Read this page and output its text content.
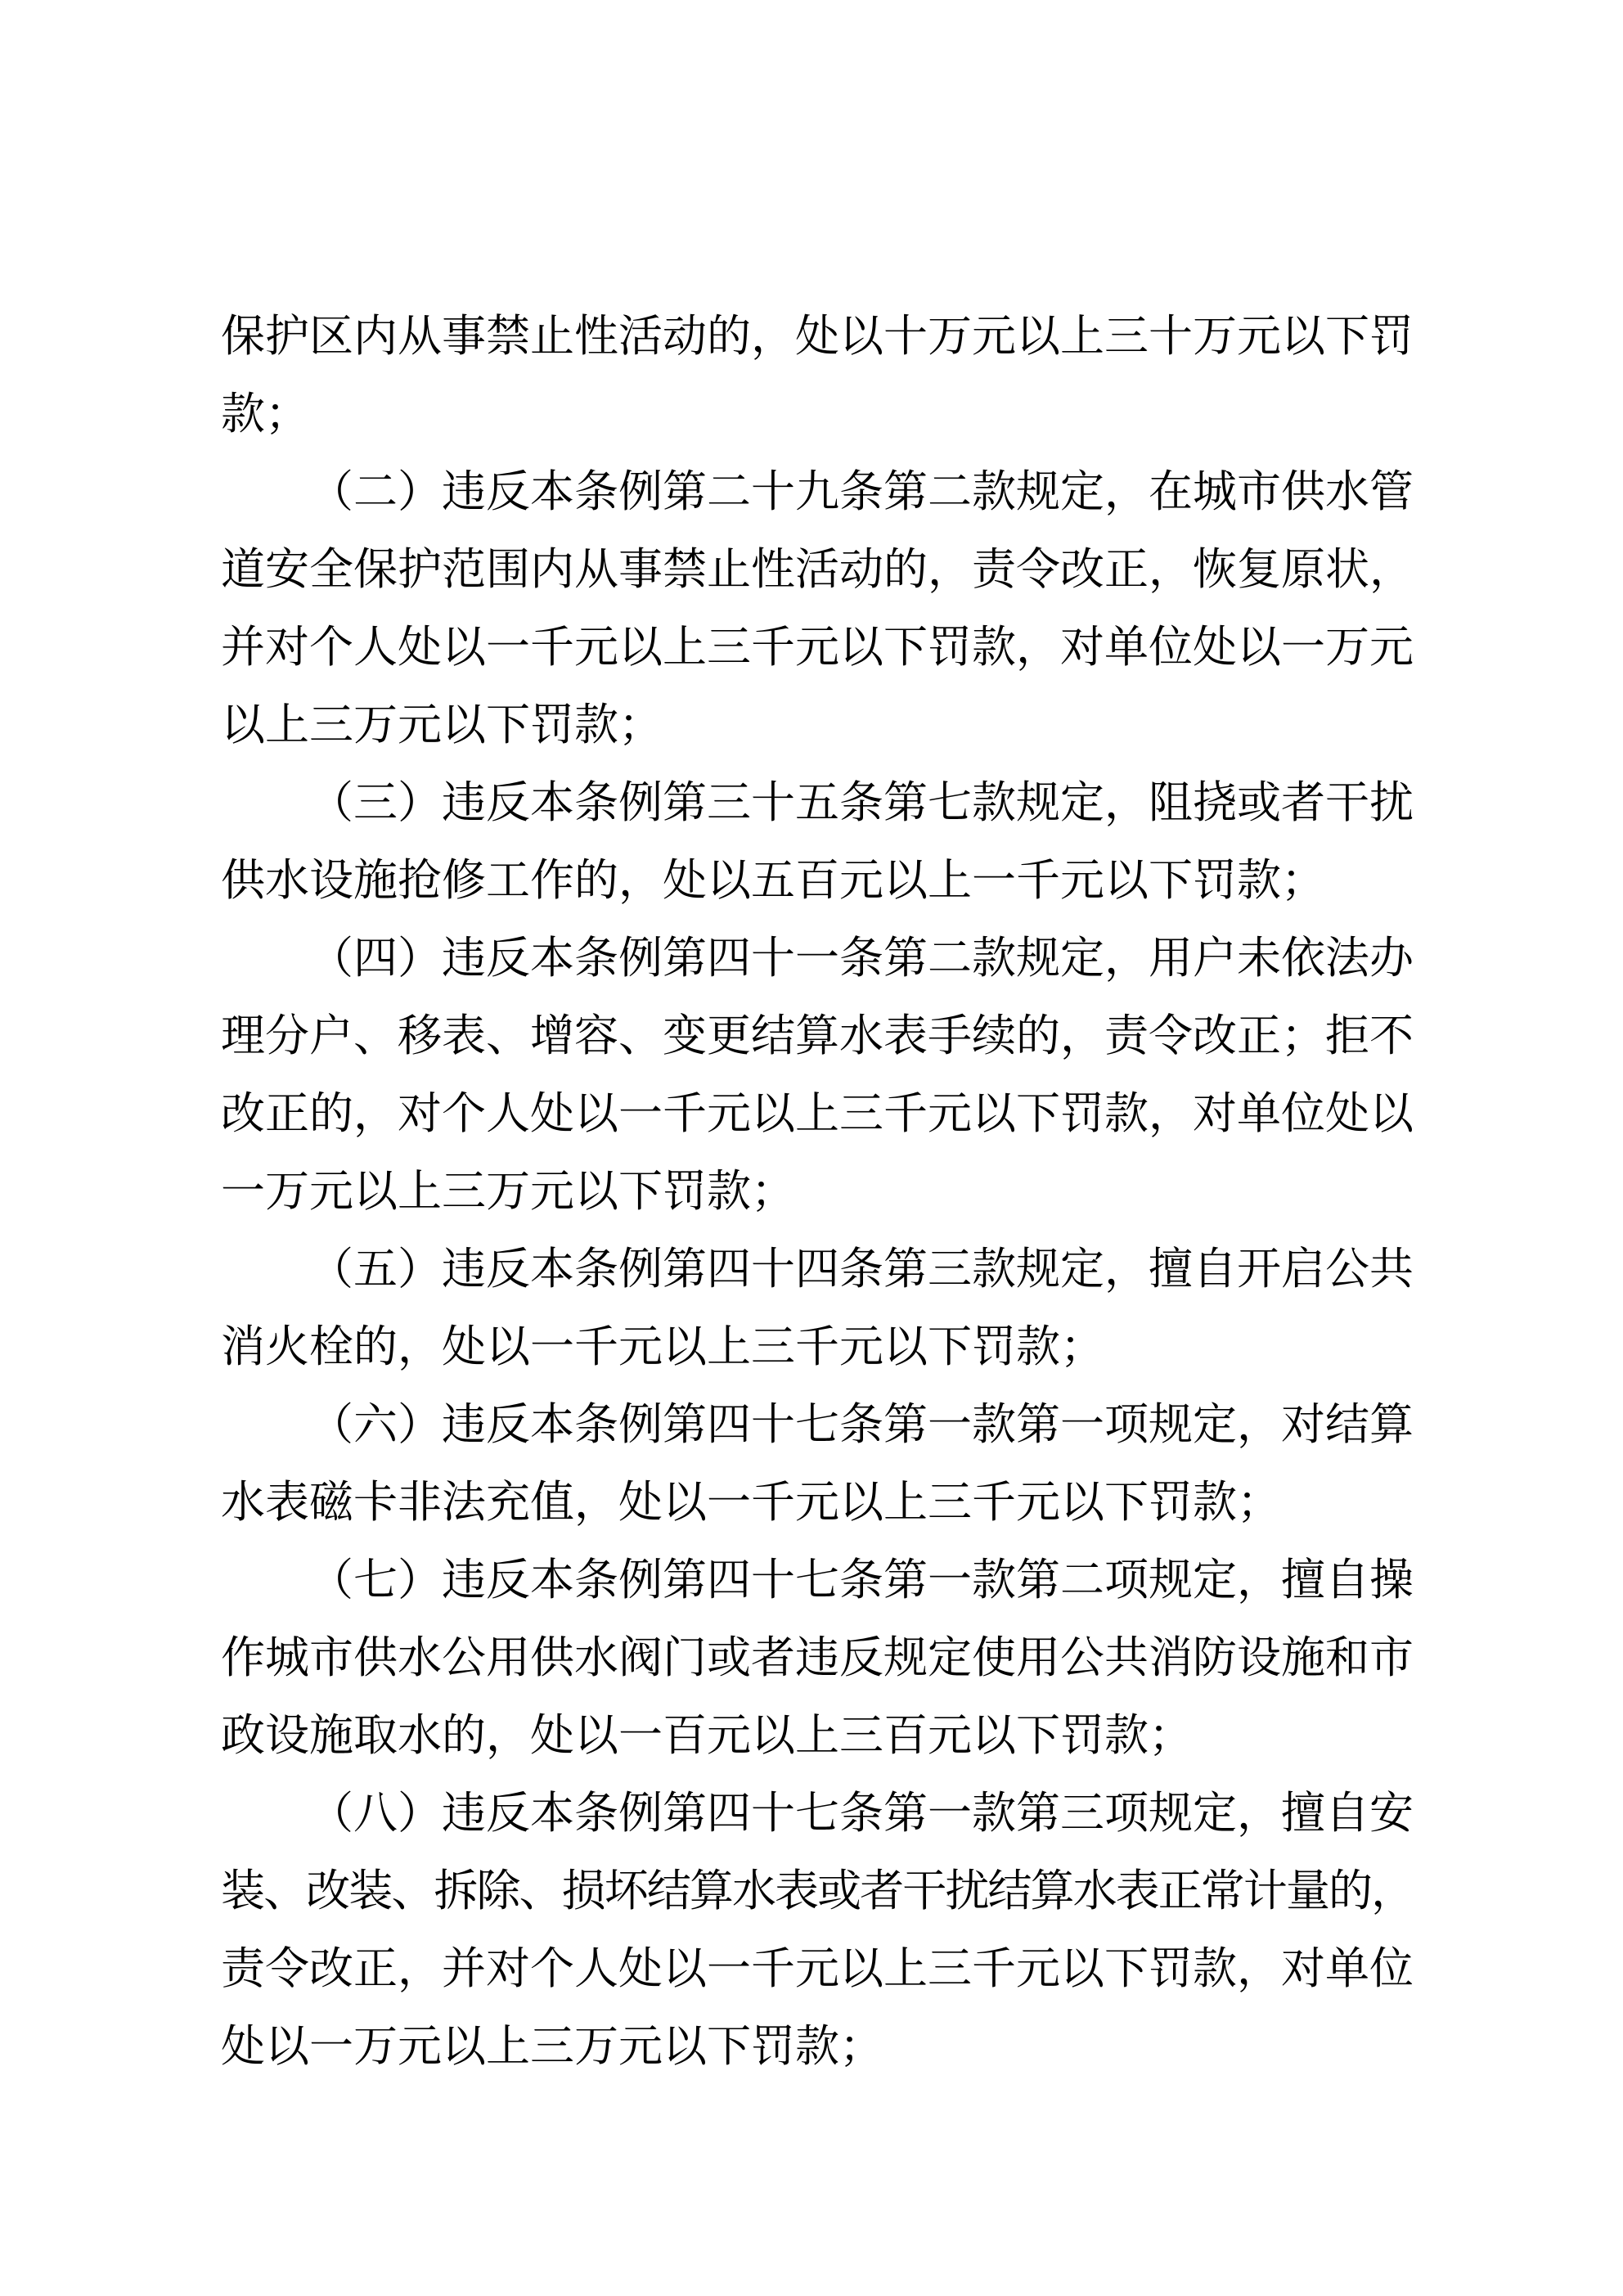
保 护 区 内 从 事 禁 止 性 活 动 的 ， 处 以 十 万 元 以 上 三 十 万 元 以 下 罚
款 ；
（ 二 ） 违 反 本 条 例 第 二 十 九 条 第 二 款 规 定 ， 在 城 市 供 水 管
道 安 全 保 护 范 围 内 从 事 禁 止 性 活 动 的 ， 责 令 改 正 ， 恢 复 原 状 ，
并 对 个 人 处 以 一 千 元 以 上 三 千 元 以 下 罚 款 ， 对 单 位 处 以 一 万 元
以 上 三 万 元 以 下 罚 款 ；
（ 三 ） 违 反 本 条 例 第 三 十 五 条 第 七 款 规 定 ， 阻 挠 或 者 干 扰
供 水 设 施 抢 修 工 作 的 ， 处 以 五 百 元 以 上 一 千 元 以 下 罚 款 ；
（ 四 ） 违 反 本 条 例 第 四 十 一 条 第 二 款 规 定 ， 用 户 未 依 法 办
理 分 户 、 移 表 、 增 容 、 变 更 结 算 水 表 手 续 的 ， 责 令 改 正 ； 拒 不
改 正 的 ， 对 个 人 处 以 一 千 元 以 上 三 千 元 以 下 罚 款 ， 对 单 位 处 以
一 万 元 以 上 三 万 元 以 下 罚 款 ；
（ 五 ） 违 反 本 条 例 第 四 十 四 条 第 三 款 规 定 ， 擅 自 开 启 公 共
消 火 栓 的 ， 处 以 一 千 元 以 上 三 千 元 以 下 罚 款 ；
（ 六 ） 违 反 本 条 例 第 四 十 七 条 第 一 款 第 一 项 规 定 ， 对 结 算
水 表 磁 卡 非 法 充 值 ， 处 以 一 千 元 以 上 三 千 元 以 下 罚 款 ；
（ 七 ） 违 反 本 条 例 第 四 十 七 条 第 一 款 第 二 项 规 定 ， 擅 自 操
作 城 市 供 水 公 用 供 水 阀 门 或 者 违 反 规 定 使 用 公 共 消 防 设 施 和 市
政 设 施 取 水 的 ， 处 以 一 百 元 以 上 三 百 元 以 下 罚 款 ；
（ 八 ） 违 反 本 条 例 第 四 十 七 条 第 一 款 第 三 项 规 定 ， 擅 自 安
装
、
改
装
、
拆
除
、
损
坏
结
算
水
表
或
者
干
扰
结
算
水
表
正
常
计
量
的
，
责 令 改 正 ， 并 对 个 人 处 以 一 千 元 以 上 三 千 元 以 下 罚 款 ， 对 单 位
处 以 一 万 元 以 上 三 万 元 以 下 罚 款 ；
